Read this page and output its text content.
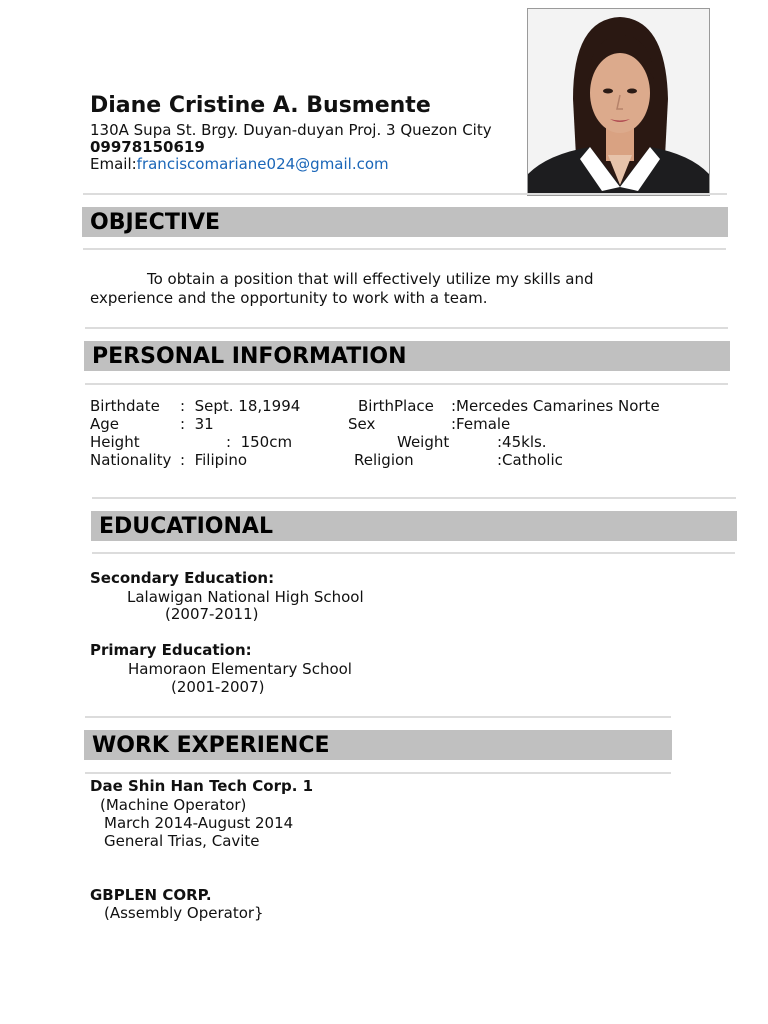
Diane Cristine A. Busmente
130A Supa St. Brgy. Duyan-duyan Proj. 3 Quezon City
09978150619
Email:franciscomariane024@gmail.com
OBJECTIVE
PERSONAL INFORMATION
EDUCATIONAL
WORK EXPERIENCE
To obtain a position that will effectively utilize my skills and
experience and the opportunity to work with a team.
Birthdate :  Sept. 18,1994	BirthPlace :Mercedes Camarines Norte
Age	:  31	Sex	:Female
Height	:  150cm	Weight	:45kls.
Nationality :  Filipino	Religion	:Catholic
Secondary Education:
Lalawigan National High School
(2007-2011)
Primary Education:
Hamoraon Elementary School
(2001-2007)
Dae Shin Han Tech Corp. 1
(Machine Operator)
March 2014-August 2014
General Trias, Cavite
GBPLEN CORP.
(Assembly Operator}
